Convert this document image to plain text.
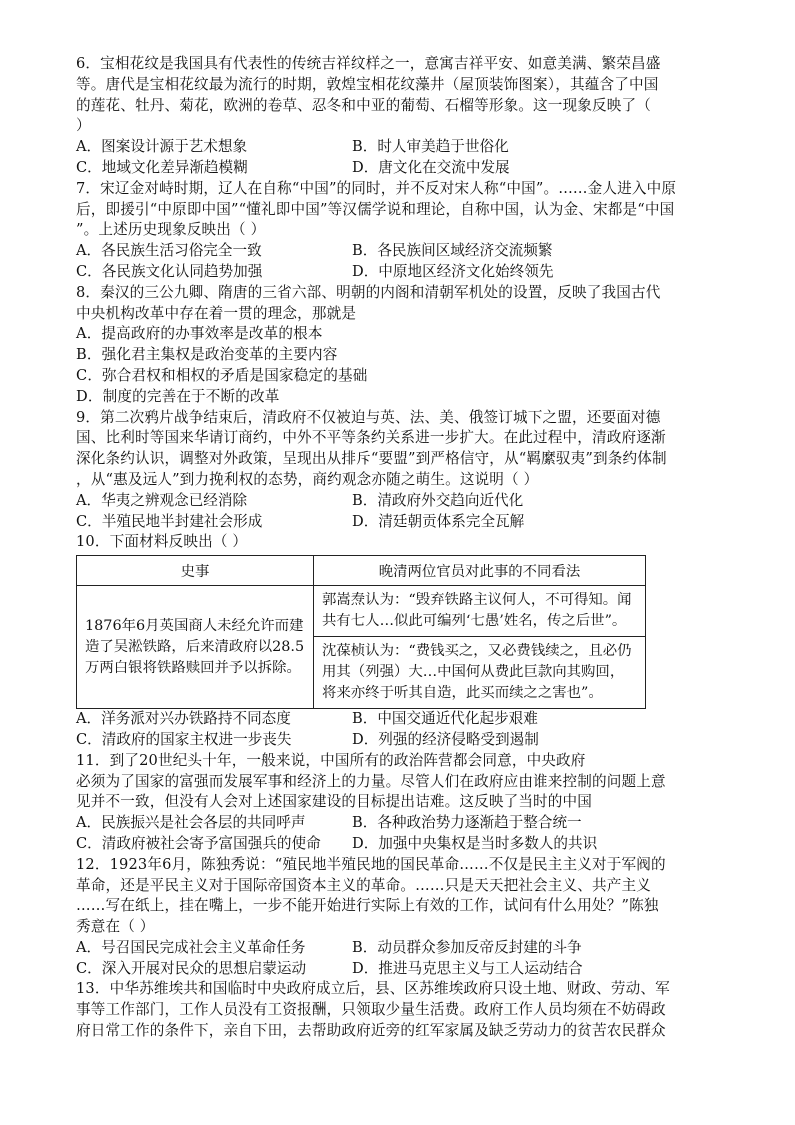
6．宝相花纹是我国具有代表性的传统吉祥纹样之一，意寓吉祥平安、如意美满、繁荣昌盛
等。唐代是宝相花纹最为流行的时期，敦煌宝相花纹藻井（屋顶装饰图案），其蕴含了中国
的莲花、牡丹、菊花，欧洲的卷草、忍冬和中亚的葡萄、石榴等形象。这一现象反映了（
）

A．图案设计源于艺术想象	B．时人审美趋于世俗化
C．地域文化差异渐趋模糊	D．唐文化在交流中发展

7．宋辽金对峙时期，辽人在自称“中国”的同时，并不反对宋人称“中国”。……金人进入中原
后，即援引“中原即中国”“懂礼即中国”等汉儒学说和理论，自称中国，认为金、宋都是“中国
”。上述历史现象反映出（ ）

A．各民族生活习俗完全一致	B．各民族间区域经济交流频繁
C．各民族文化认同趋势加强	D．中原地区经济文化始终领先

8．秦汉的三公九卿、隋唐的三省六部、明朝的内阁和清朝军机处的设置，反映了我国古代
中央机构改革中存在着一贯的理念，那就是

A．提高政府的办事效率是改革的根本
B．强化君主集权是政治变革的主要内容
C．弥合君权和相权的矛盾是国家稳定的基础
D．制度的完善在于不断的改革

9．第二次鸦片战争结束后，清政府不仅被迫与英、法、美、俄签订城下之盟，还要面对德
国、比利时等国来华请订商约，中外不平等条约关系进一步扩大。在此过程中，清政府逐渐
深化条约认识，调整对外政策，呈现出从排斥“要盟”到严格信守，从“羁縻驭夷”到条约体制
，从“惠及远人”到力挽利权的态势，商约观念亦随之萌生。这说明（ ）

A．华夷之辨观念已经消除	B．清政府外交趋向近代化
C．半殖民地半封建社会形成	D．清廷朝贡体系完全瓦解

10．下面材料反映出（ ）

史事	晚清两位官员对此事的不同看法
1876年6月英国商人未经允许而建造了吴淞铁路，后来清政府以28.5万两白银将铁路赎回并予以拆除。	郭嵩焘认为：“毁弃铁路主议何人，不可得知。闻共有七人…似此可编列‘七愚’姓名，传之后世”。
	沈葆桢认为：“费钱买之，又必费钱续之，且必仍用其（列强）大…中国何从费此巨款向其购回，将来亦终于听其自造，此买而续之之害也”。
A．洋务派对兴办铁路持不同态度	B．中国交通近代化起步艰难
C．清政府的国家主权进一步丧失	D．列强的经济侵略受到遏制

11．到了20世纪头十年，一般来说，中国所有的政治阵营都会同意，中央政府
必须为了国家的富强而发展军事和经济上的力量。尽管人们在政府应由谁来控制的问题上意
见并不一致，但没有人会对上述国家建设的目标提出诘难。这反映了当时的中国

A．民族振兴是社会各层的共同呼声	B．各种政治势力逐渐趋于整合统一
C．清政府被社会寄予富国强兵的使命	D．加强中央集权是当时多数人的共识

12．1923年6月，陈独秀说：“殖民地半殖民地的国民革命……不仅是民主主义对于军阀的
革命，还是平民主义对于国际帝国资本主义的革命。……只是天天把社会主义、共产主义
……写在纸上，挂在嘴上，一步不能开始进行实际上有效的工作，试问有什么用处？”陈独
秀意在（ ）

A．号召国民完成社会主义革命任务	B．动员群众参加反帝反封建的斗争
C．深入开展对民众的思想启蒙运动	D．推进马克思主义与工人运动结合

13．中华苏维埃共和国临时中央政府成立后，县、区苏维埃政府只设土地、财政、劳动、军
事等工作部门，工作人员没有工资报酬，只领取少量生活费。政府工作人员均须在不妨碍政
府日常工作的条件下，亲自下田，去帮助政府近旁的红军家属及缺乏劳动力的贫苦农民群众
